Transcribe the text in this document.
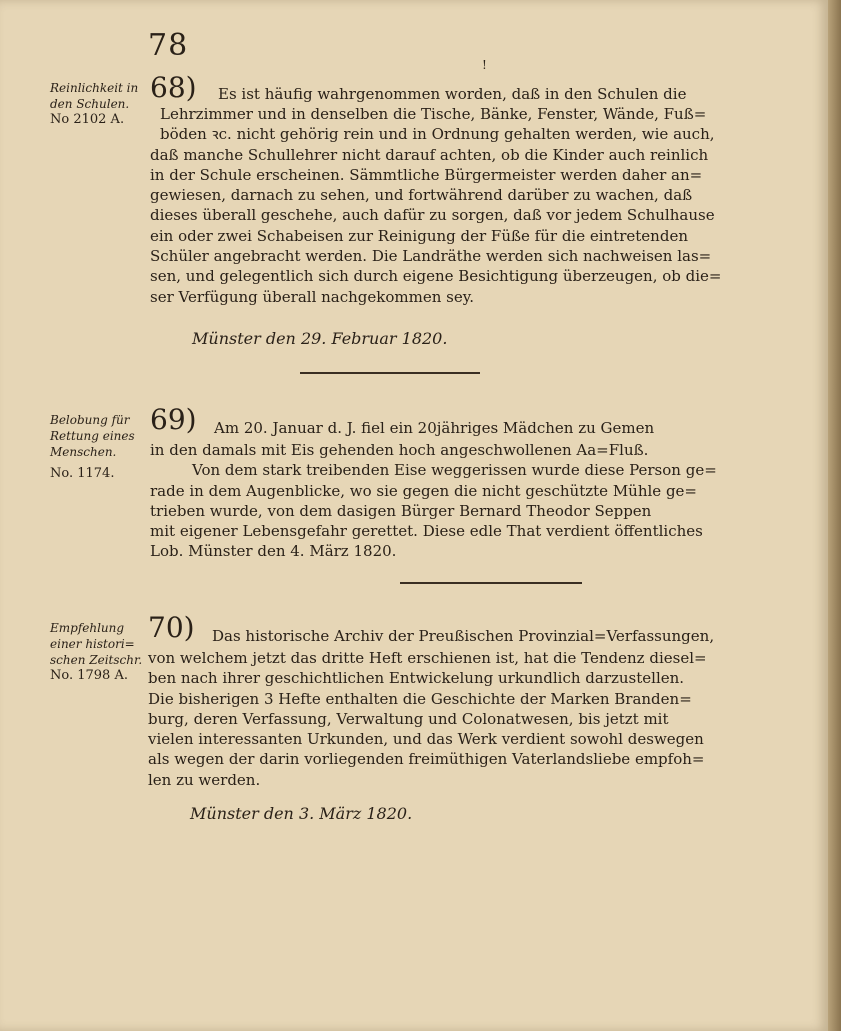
78
!
Reinlichkeit in
den Schulen.
No 2102 A.
68) Es ist häufig wahrgenommen worden, daß in den Schulen die
Lehrzimmer und in denselben die Tische, Bänke, Fenster, Wände, Fuß=
böden ꝛc. nicht gehörig rein und in Ordnung gehalten werden, wie auch,
daß manche Schullehrer nicht darauf achten, ob die Kinder auch reinlich
in der Schule erscheinen. Sämmtliche Bürgermeister werden daher an=
gewiesen, darnach zu sehen, und fortwährend darüber zu wachen, daß
dieses überall geschehe, auch dafür zu sorgen, daß vor jedem Schulhause
ein oder zwei Schabeisen zur Reinigung der Füße für die eintretenden
Schüler angebracht werden. Die Landräthe werden sich nachweisen las=
sen, und gelegentlich sich durch eigene Besichtigung überzeugen, ob die=
ser Verfügung überall nachgekommen sey.
Münster den 29. Februar 1820.
Belobung für
Rettung eines
Menschen.
No. 1174.
69) Am 20. Januar d. J. fiel ein 20jähriges Mädchen zu Gemen
in den damals mit Eis gehenden hoch angeschwollenen Aa=Fluß.
Von dem stark treibenden Eise weggerissen wurde diese Person ge=
rade in dem Augenblicke, wo sie gegen die nicht geschützte Mühle ge=
trieben wurde, von dem dasigen Bürger Bernard Theodor Seppen
mit eigener Lebensgefahr gerettet. Diese edle That verdient öffentliches
Lob. Münster den 4. März 1820.
Empfehlung
einer histori=
schen Zeitschr.
No. 1798 A.
70) Das historische Archiv der Preußischen Provinzial=Verfassungen,
von welchem jetzt das dritte Heft erschienen ist, hat die Tendenz diesel=
ben nach ihrer geschichtlichen Entwickelung urkundlich darzustellen.
Die bisherigen 3 Hefte enthalten die Geschichte der Marken Branden=
burg, deren Verfassung, Verwaltung und Colonatwesen, bis jetzt mit
vielen interessanten Urkunden, und das Werk verdient sowohl deswegen
als wegen der darin vorliegenden freimüthigen Vaterlandsliebe empfoh=
len zu werden.
Münster den 3. März 1820.
